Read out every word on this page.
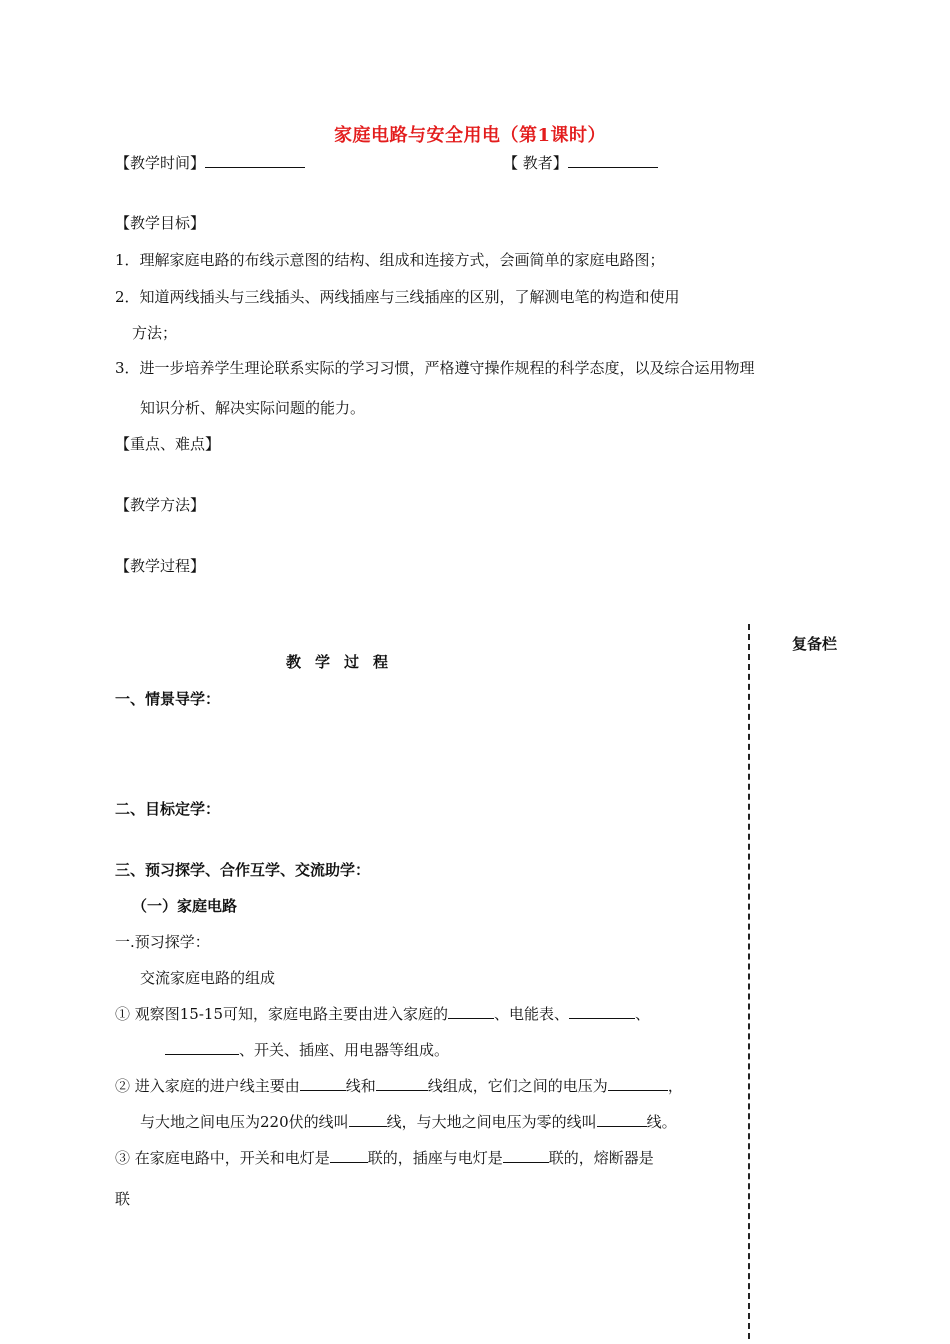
家庭电路与安全用电（第1课时）
【教学时间】	【 教者】
【教学目标】
1．理解家庭电路的布线示意图的结构、组成和连接方式，会画简单的家庭电路图；
2．知道两线插头与三线插头、两线插座与三线插座的区别，了解测电笔的构造和使用
方法；
3．进一步培养学生理论联系实际的学习习惯，严格遵守操作规程的科学态度，以及综合运用物理
知识分析、解决实际问题的能力。
【重点、难点】
【教学方法】
【教学过程】
复备栏
教学过程
一、情景导学：
二、目标定学：
三、预习探学、合作互学、交流助学：
（一）家庭电路
一.预习探学：
交流家庭电路的组成
① 观察图15-15可知，家庭电路主要由进入家庭的	、电能表、	、
、开关、插座、用电器等组成。
② 进入家庭的进户线主要由	线和	线组成，它们之间的电压为	，
与大地之间电压为220伏的线叫	线，与大地之间电压为零的线叫	线。
③ 在家庭电路中，开关和电灯是	联的，插座与电灯是	联的，熔断器是
联
